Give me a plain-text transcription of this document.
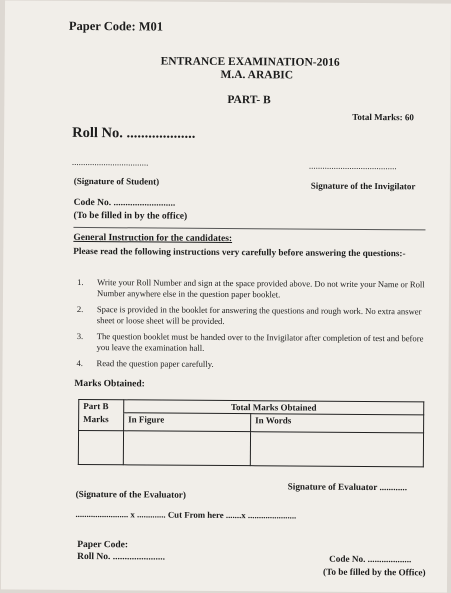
Paper Code: M01
ENTRANCE EXAMINATION-2016
M.A. ARABIC
PART- B
Total Marks: 60
Roll No. ...................
..................................	.......................................
(Signature of Student)	Signature of the Invigilator
Code No. ..........................
(To be filled in by the office)
General Instruction for the candidates:
Please read the following instructions very carefully before answering the questions:-
1. Write your Roll Number and sign at the space provided above. Do not write your Name or Roll Number anywhere else in the question paper booklet.
2. Space is provided in the booklet for answering the questions and rough work. No extra answer sheet or loose sheet will be provided.
3. The question booklet must be handed over to the Invigilator after completion of test and before you leave the examination hall.
4. Read the question paper carefully.
Marks Obtained:
Part B	Total Marks Obtained	
Marks	In Figure	In Words

Signature of Evaluator ............
(Signature of the Evaluator)
........................ x ............. Cut From here .......x ......................
Paper Code:
Roll No. ......................	Code No. ...................
(To be filled by the Office)
